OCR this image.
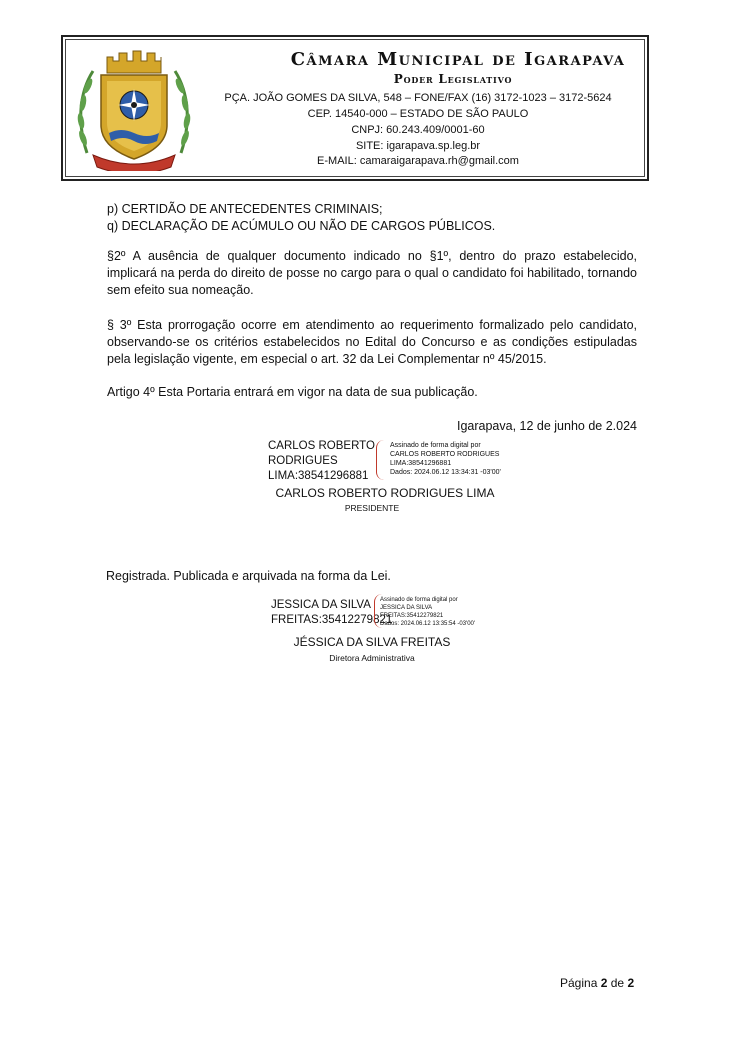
Câmara Municipal de Igarapava
Poder Legislativo
PÇA. JOÃO GOMES DA SILVA, 548 – FONE/FAX (16) 3172-1023 – 3172-5624
CEP. 14540-000 – ESTADO DE SÃO PAULO
CNPJ: 60.243.409/0001-60
SITE: igarapava.sp.leg.br
E-MAIL: camaraigarapava.rh@gmail.com

p) CERTIDÃO DE ANTECEDENTES CRIMINAIS;

q) DECLARAÇÃO DE ACÚMULO OU NÃO DE CARGOS PÚBLICOS.

§2º A ausência de qualquer documento indicado no §1º, dentro do prazo estabelecido, implicará na perda do direito de posse no cargo para o qual o candidato foi habilitado, tornando sem efeito sua nomeação.

§ 3º Esta prorrogação ocorre em atendimento ao requerimento formalizado pelo candidato, observando-se os critérios estabelecidos no Edital do Concurso e as condições estipuladas pela legislação vigente, em especial o art. 32 da Lei Complementar nº 45/2015.

Artigo 4º Esta Portaria entrará em vigor na data de sua publicação.

Igarapava, 12 de junho de 2.024

CARLOS ROBERTO
RODRIGUES
LIMA:38541296881
Assinado de forma digital por
CARLOS ROBERTO RODRIGUES
LIMA:38541296881
Dados: 2024.06.12 13:34:31 -03'00'
CARLOS ROBERTO RODRIGUES LIMA
PRESIDENTE

Registrada. Publicada e arquivada na forma da Lei.

JESSICA DA SILVA
FREITAS:35412279821
Assinado de forma digital por
JESSICA DA SILVA
FREITAS:35412279821
Dados: 2024.06.12 13:35:54 -03'00'
JÉSSICA DA SILVA FREITAS
Diretora Administrativa
Página 2 de 2
